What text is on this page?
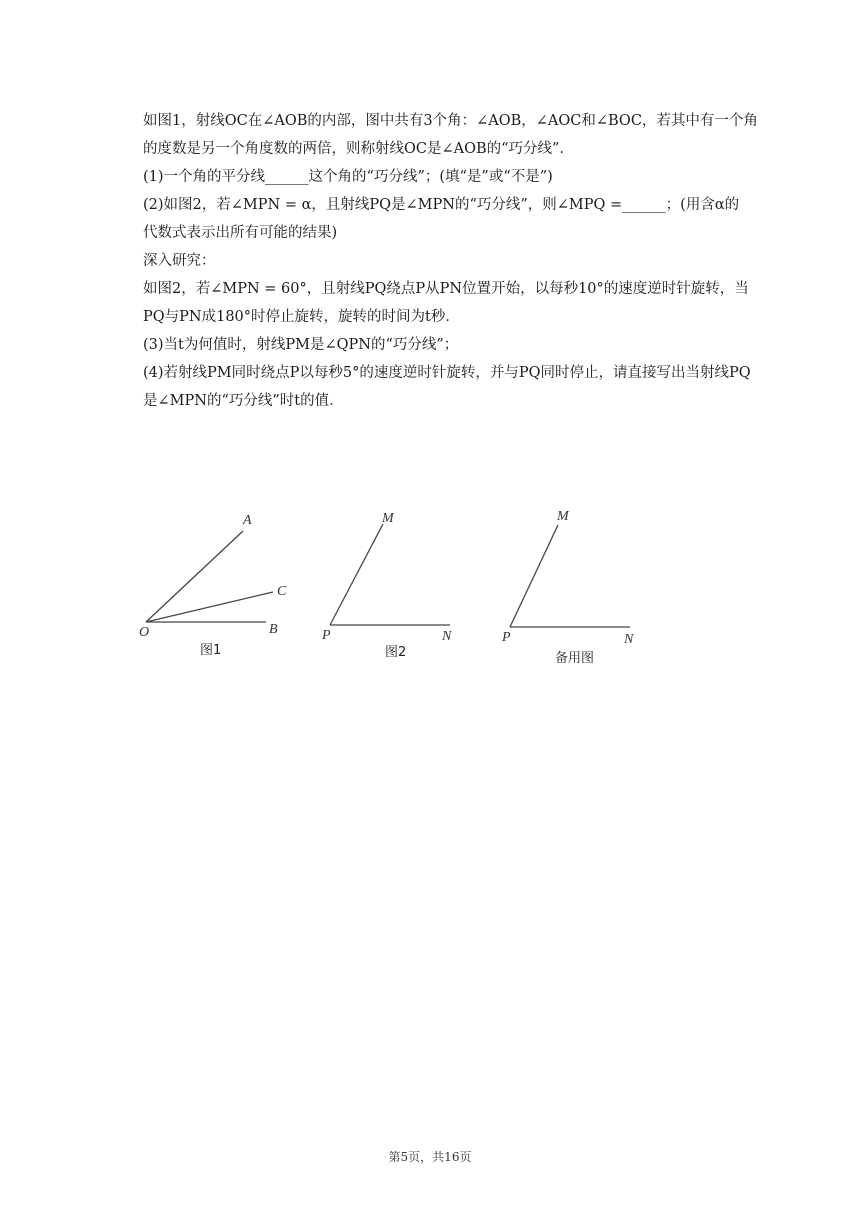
如图1，射线OC在∠AOB的内部，图中共有3个角：∠AOB，∠AOC和∠BOC，若其中有一个角

的度数是另一个角度数的两倍，则称射线OC是∠AOB的“巧分线”．

(1)一个角的平分线______这个角的“巧分线”；(填“是”或“不是”)

(2)如图2，若∠MPN = α，且射线PQ是∠MPN的“巧分线”，则∠MPQ =______；(用含α的

代数式表示出所有可能的结果)

深入研究：

如图2，若∠MPN = 60°，且射线PQ绕点P从PN位置开始，以每秒10°的速度逆时针旋转，当

PQ与PN成180°时停止旋转，旋转的时间为t秒．

(3)当t为何值时，射线PM是∠QPN的“巧分线”；

(4)若射线PM同时绕点P以每秒5°的速度逆时针旋转，并与PQ同时停止，请直接写出当射线PQ

是∠MPN的“巧分线”时t的值．

A
C
O	B
图1
M
P	N
图2
M
P	N
备用图
第5页，共16页
